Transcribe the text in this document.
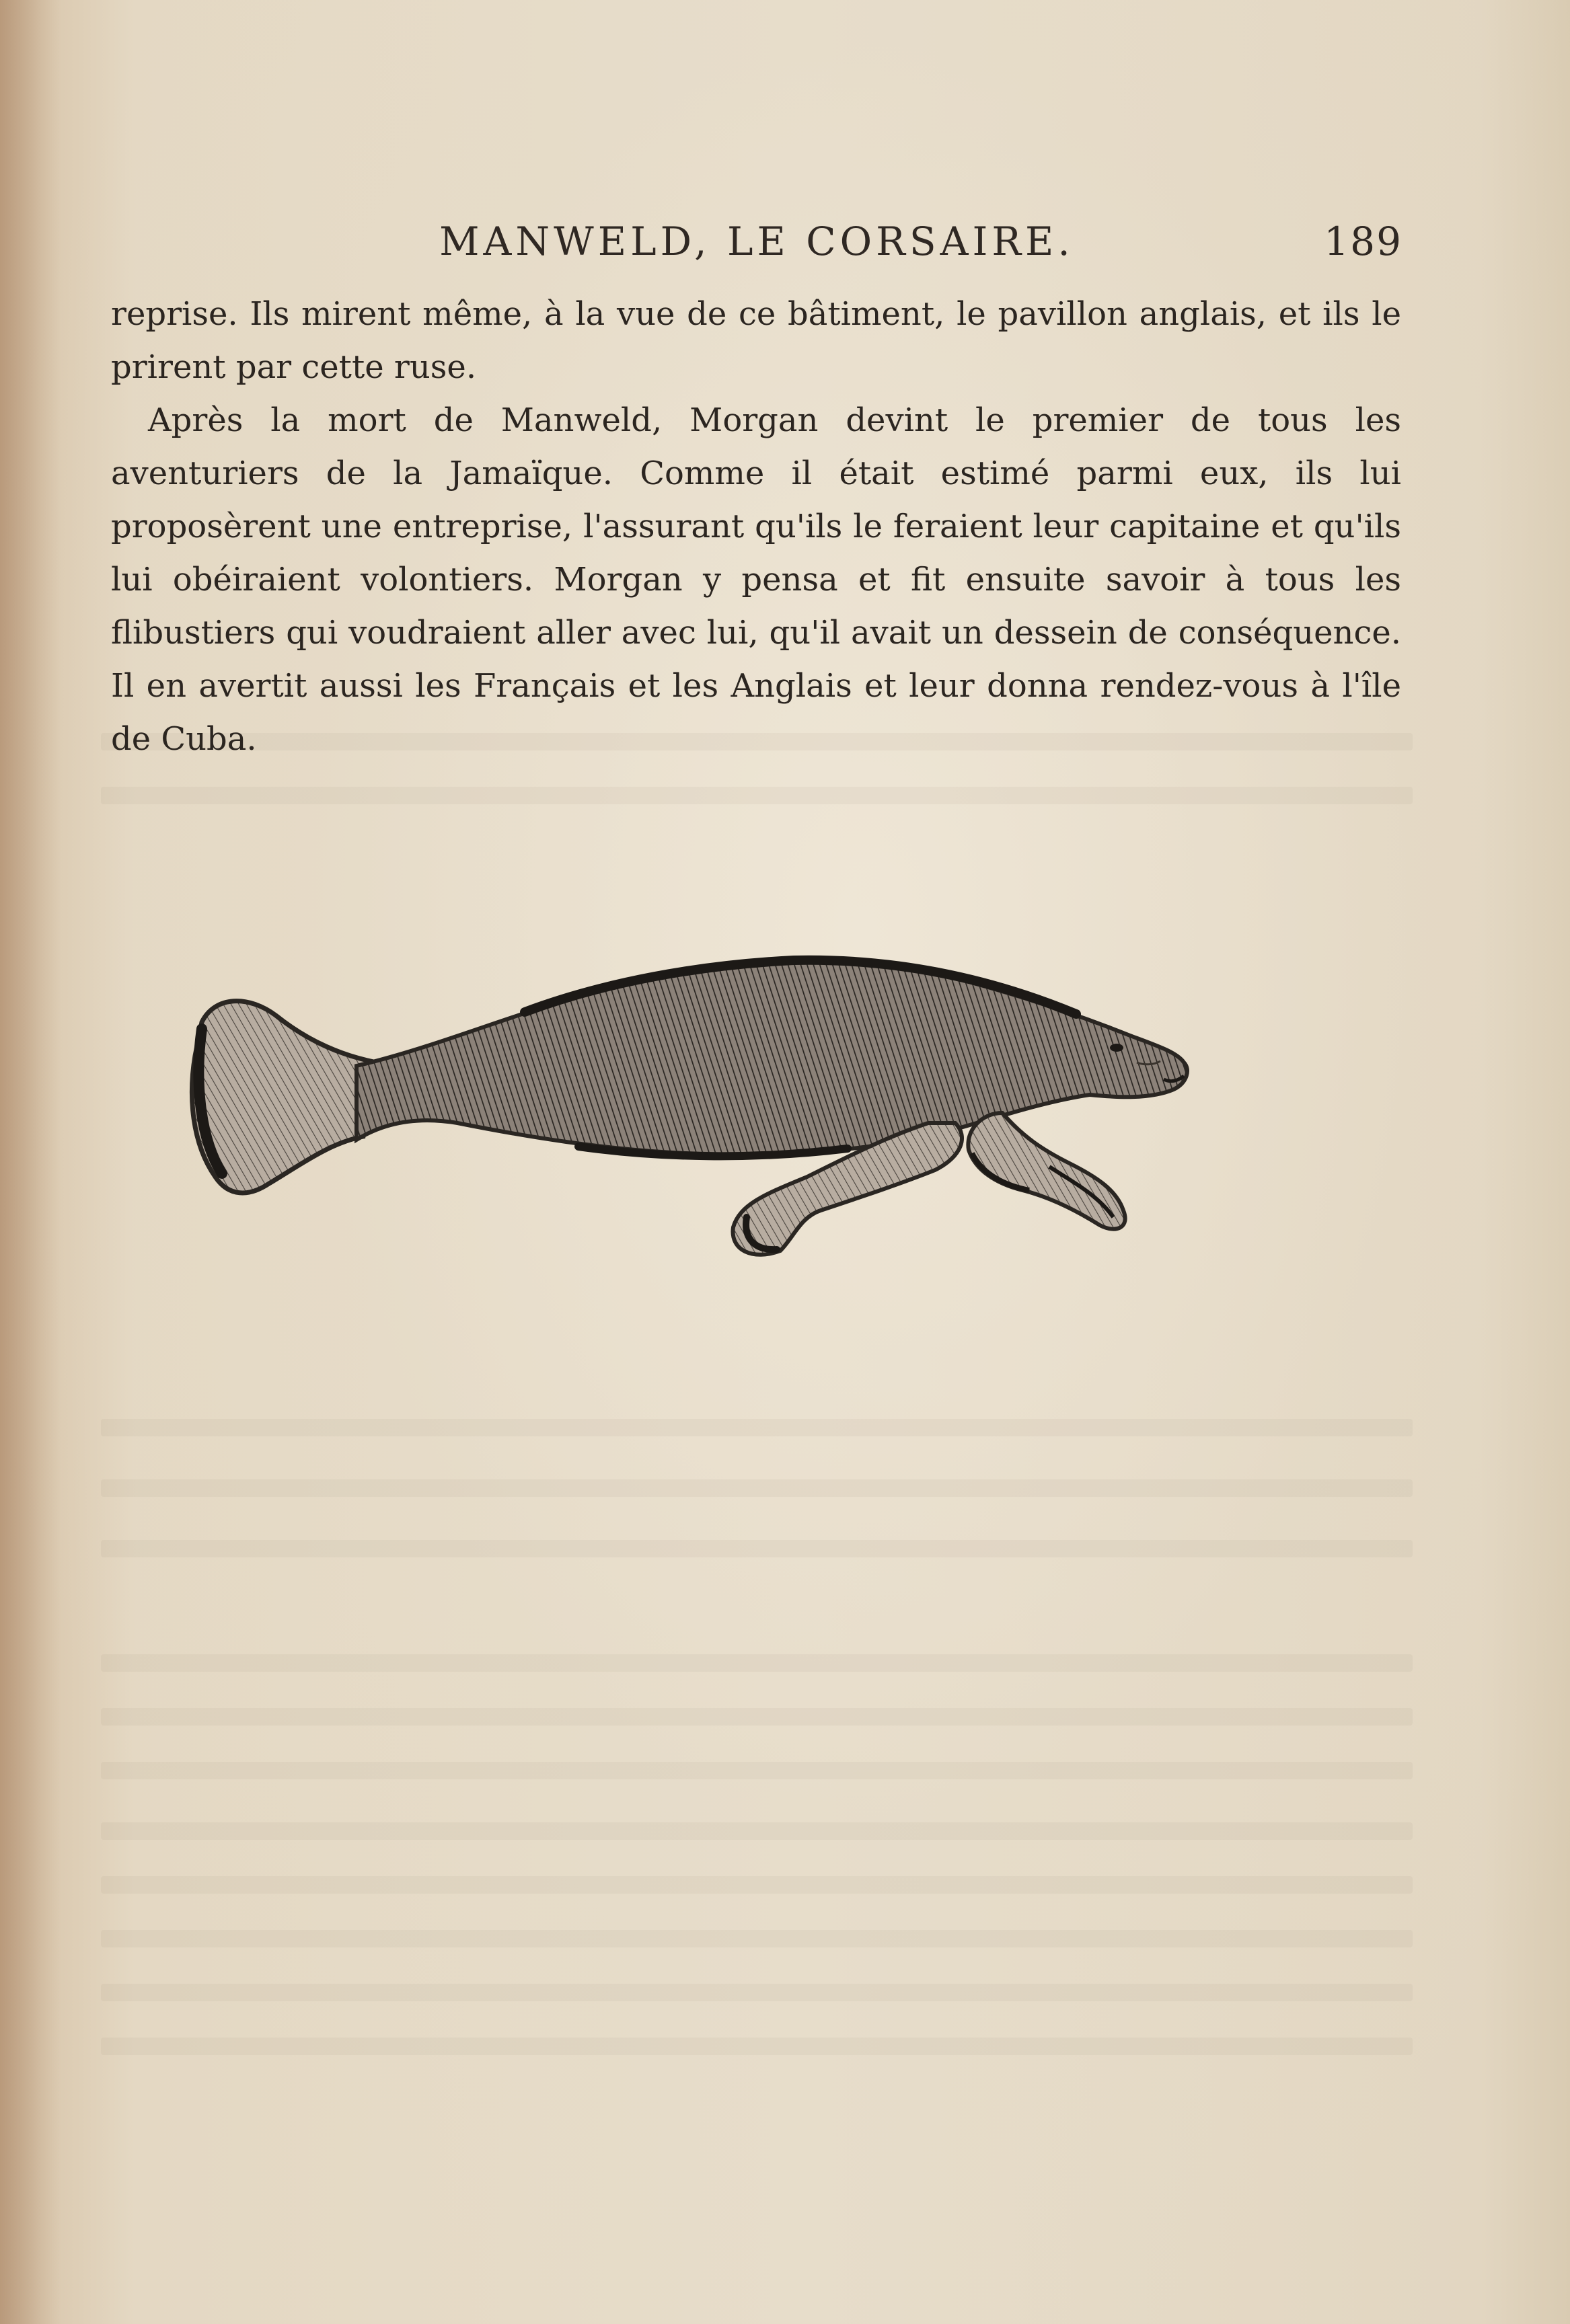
MANWELD, LE CORSAIRE.	189

reprise. Ils mirent même, à la vue de ce bâtiment, le pavillon anglais, et ils le prirent par cette ruse.

Après la mort de Manweld, Morgan devint le premier de tous les aventuriers de la Jamaïque. Comme il était estimé parmi eux, ils lui proposèrent une entreprise, l'assurant qu'ils le feraient leur capitaine et qu'ils lui obéiraient volontiers. Morgan y pensa et fit ensuite savoir à tous les flibustiers qui voudraient aller avec lui, qu'il avait un dessein de conséquence. Il en avertit aussi les Français et les Anglais et leur donna rendez-vous à l'île de Cuba.
